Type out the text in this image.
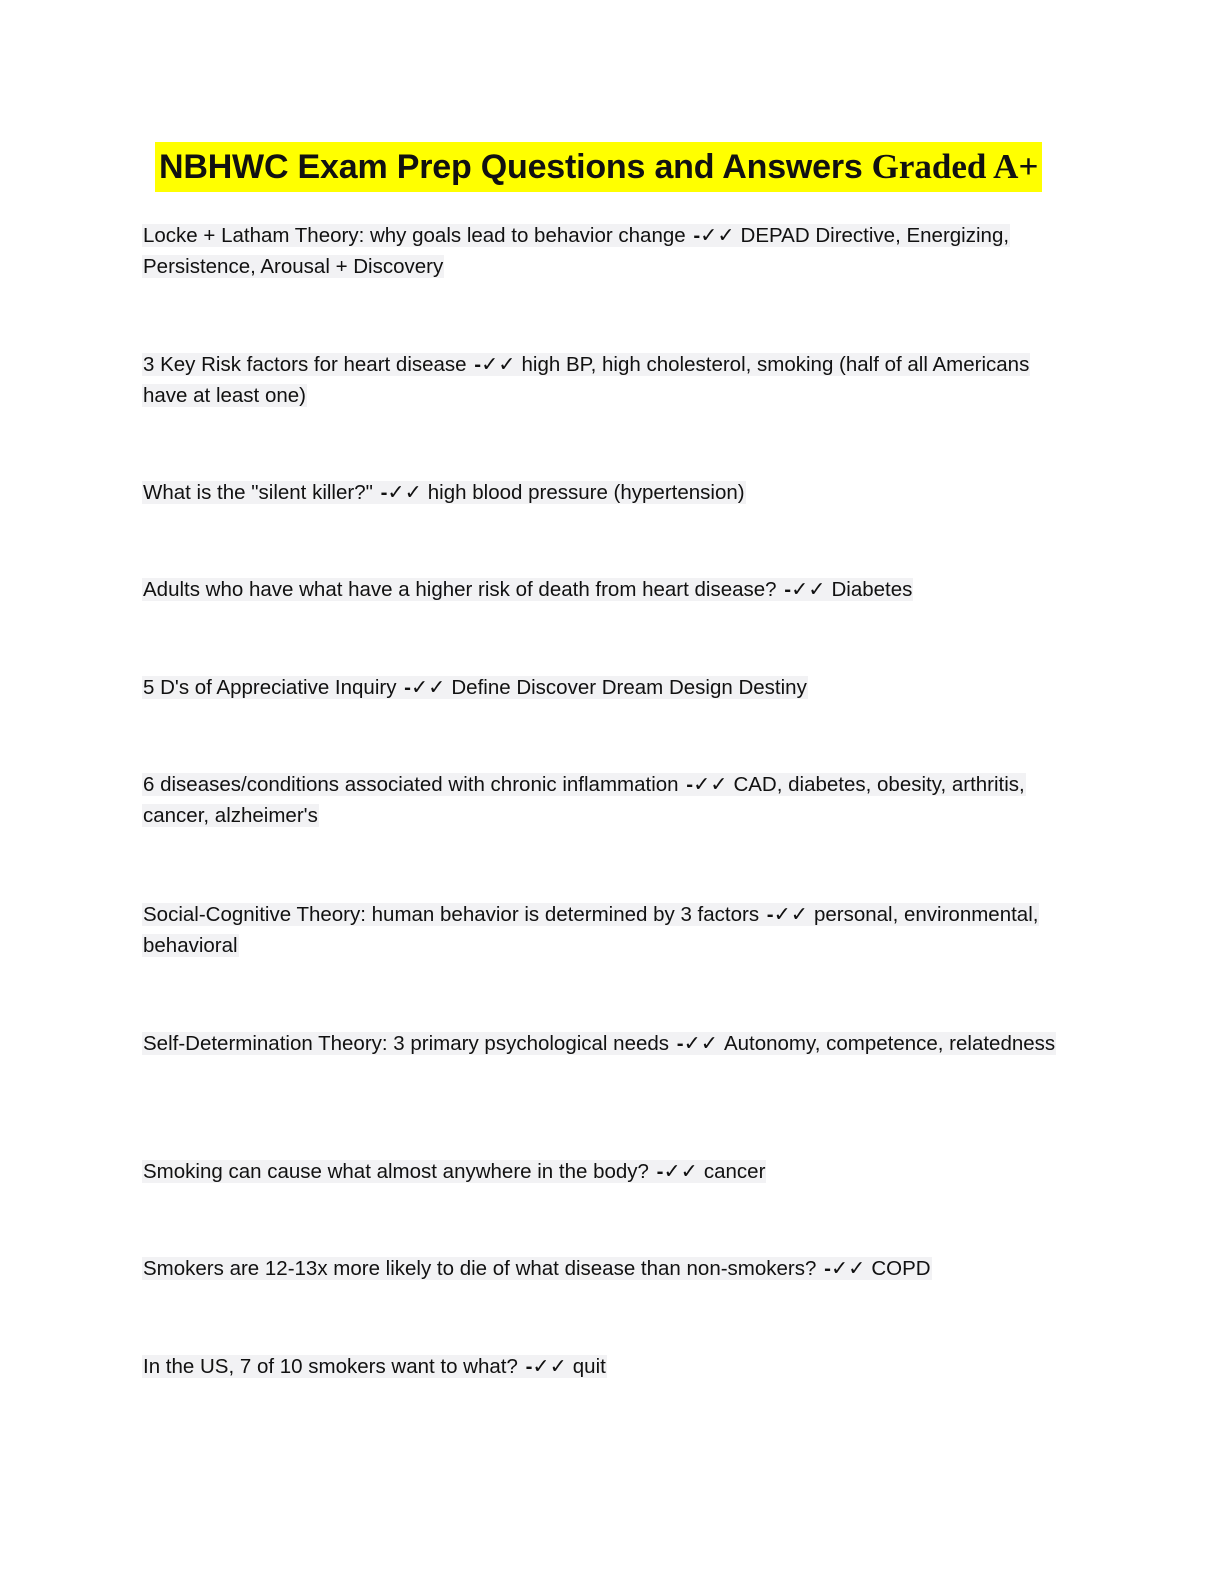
NBHWC Exam Prep Questions and Answers Graded A+
Locke + Latham Theory: why goals lead to behavior change -✓✓ DEPAD Directive, Energizing, Persistence, Arousal + Discovery
3 Key Risk factors for heart disease -✓✓ high BP, high cholesterol, smoking (half of all Americans have at least one)
What is the "silent killer?" -✓✓ high blood pressure (hypertension)
Adults who have what have a higher risk of death from heart disease? -✓✓ Diabetes
5 D's of Appreciative Inquiry -✓✓ Define Discover Dream Design Destiny
6 diseases/conditions associated with chronic inflammation -✓✓ CAD, diabetes, obesity, arthritis, cancer, alzheimer's
Social-Cognitive Theory: human behavior is determined by 3 factors -✓✓ personal, environmental, behavioral
Self-Determination Theory: 3 primary psychological needs -✓✓ Autonomy, competence, relatedness
Smoking can cause what almost anywhere in the body? -✓✓ cancer
Smokers are 12-13x more likely to die of what disease than non-smokers? -✓✓ COPD
In the US, 7 of 10 smokers want to what? -✓✓ quit
